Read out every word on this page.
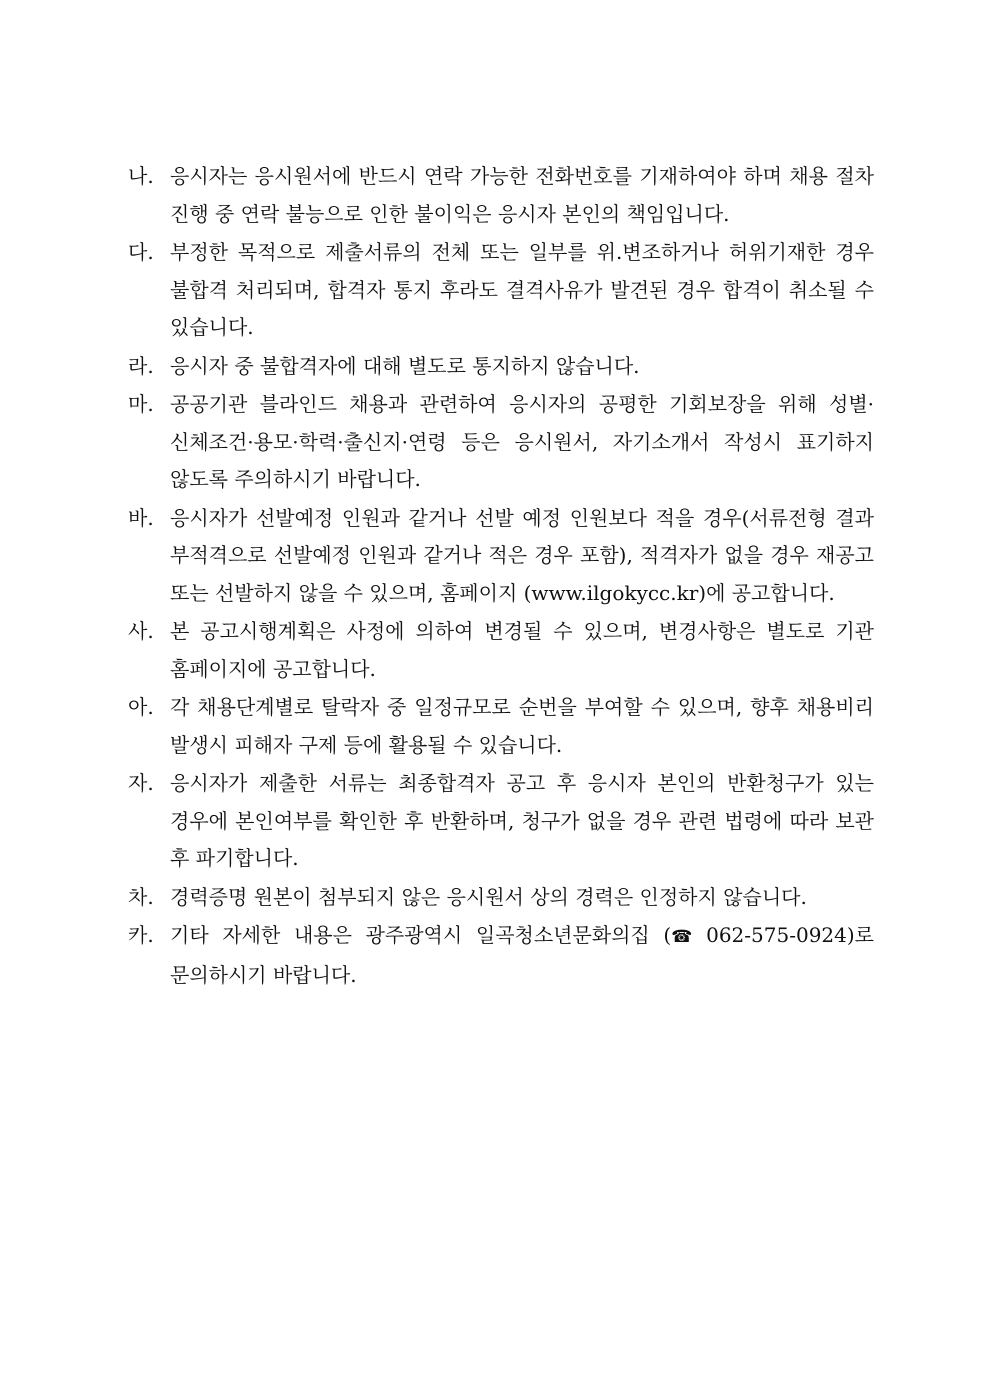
나. 응시자는 응시원서에 반드시 연락 가능한 전화번호를 기재하여야 하며 채용 절차 진행 중 연락 불능으로 인한 불이익은 응시자 본인의 책임입니다.
다. 부정한 목적으로 제출서류의 전체 또는 일부를 위.변조하거나 허위기재한 경우 불합격 처리되며, 합격자 통지 후라도 결격사유가 발견된 경우 합격이 취소될 수 있습니다.
라. 응시자 중 불합격자에 대해 별도로 통지하지 않습니다.
마. 공공기관 블라인드 채용과 관련하여 응시자의 공평한 기회보장을 위해 성별·신체조건·용모·학력·출신지·연령 등은 응시원서, 자기소개서 작성시 표기하지 않도록 주의하시기 바랍니다.
바. 응시자가 선발예정 인원과 같거나 선발 예정 인원보다 적을 경우(서류전형 결과 부적격으로 선발예정 인원과 같거나 적은 경우 포함), 적격자가 없을 경우 재공고 또는 선발하지 않을 수 있으며, 홈페이지 (www.ilgokycc.kr)에 공고합니다.
사. 본 공고시행계획은 사정에 의하여 변경될 수 있으며, 변경사항은 별도로 기관 홈페이지에 공고합니다.
아. 각 채용단계별로 탈락자 중 일정규모로 순번을 부여할 수 있으며, 향후 채용비리 발생시 피해자 구제 등에 활용될 수 있습니다.
자. 응시자가 제출한 서류는 최종합격자 공고 후 응시자 본인의 반환청구가 있는 경우에 본인여부를 확인한 후 반환하며, 청구가 없을 경우 관련 법령에 따라 보관 후 파기합니다.
차. 경력증명 원본이 첨부되지 않은 응시원서 상의 경력은 인정하지 않습니다.
카. 기타 자세한 내용은 광주광역시 일곡청소년문화의집 (☎ 062-575-0924)로 문의하시기 바랍니다.
